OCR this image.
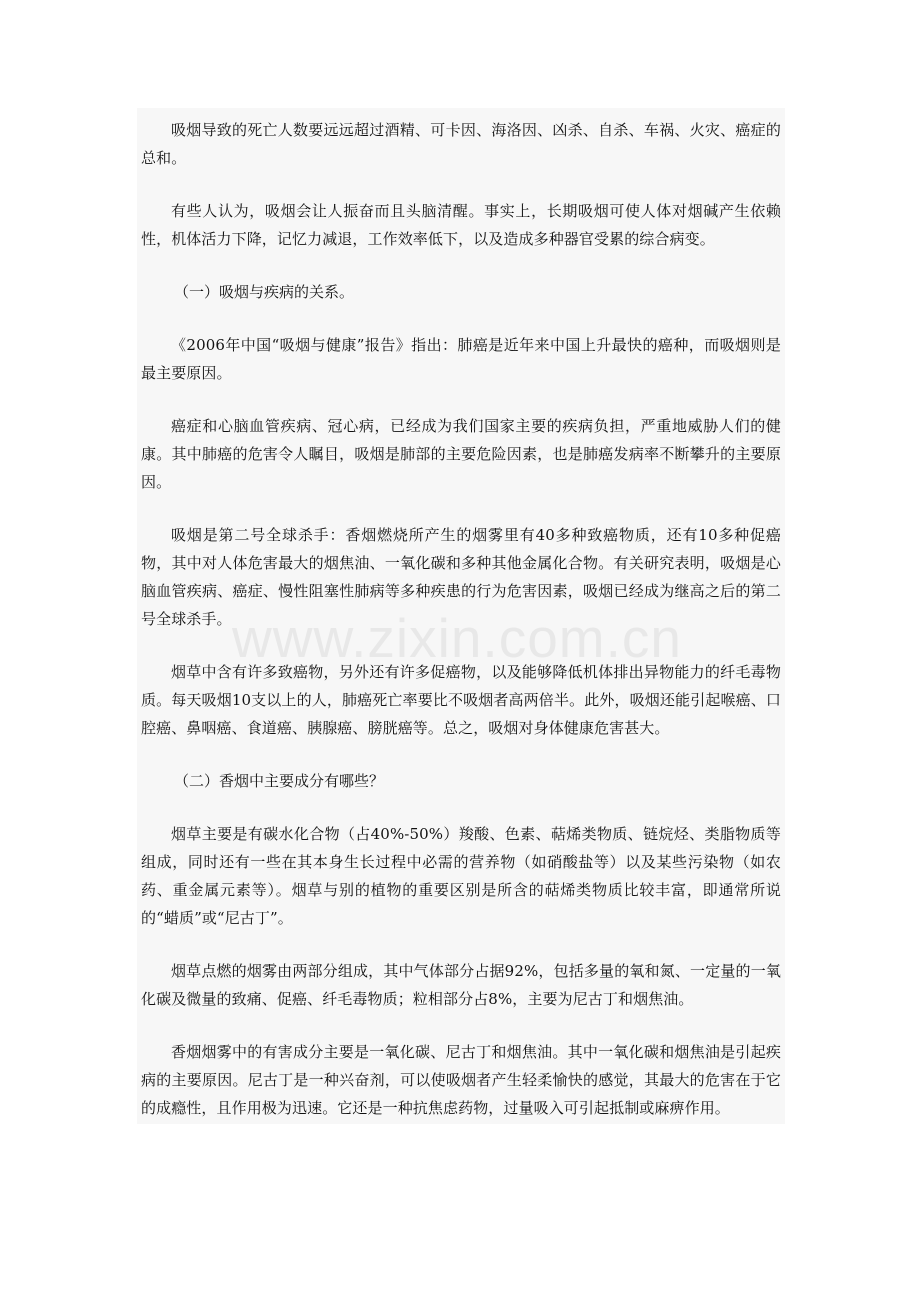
吸烟导致的死亡人数要远远超过酒精、可卡因、海洛因、凶杀、自杀、车祸、火灾、癌症的总和。

有些人认为，吸烟会让人振奋而且头脑清醒。事实上，长期吸烟可使人体对烟碱产生依赖性，机体活力下降，记忆力减退，工作效率低下，以及造成多种器官受累的综合病变。

（一）吸烟与疾病的关系。

《2006年中国“吸烟与健康”报告》指出：肺癌是近年来中国上升最快的癌种，而吸烟则是最主要原因。

癌症和心脑血管疾病、冠心病，已经成为我们国家主要的疾病负担，严重地威胁人们的健康。其中肺癌的危害令人瞩目，吸烟是肺部的主要危险因素，也是肺癌发病率不断攀升的主要原因。

吸烟是第二号全球杀手：香烟燃烧所产生的烟雾里有40多种致癌物质，还有10多种促癌物，其中对人体危害最大的烟焦油、一氧化碳和多种其他金属化合物。有关研究表明，吸烟是心脑血管疾病、癌症、慢性阻塞性肺病等多种疾患的行为危害因素，吸烟已经成为继高之后的第二号全球杀手。

烟草中含有许多致癌物，另外还有许多促癌物，以及能够降低机体排出异物能力的纤毛毒物质。每天吸烟10支以上的人，肺癌死亡率要比不吸烟者高两倍半。此外，吸烟还能引起喉癌、口腔癌、鼻咽癌、食道癌、胰腺癌、膀胱癌等。总之，吸烟对身体健康危害甚大。

（二）香烟中主要成分有哪些？

烟草主要是有碳水化合物（占40%-50%）羧酸、色素、萜烯类物质、链烷烃、类脂物质等组成，同时还有一些在其本身生长过程中必需的营养物（如硝酸盐等）以及某些污染物（如农药、重金属元素等）。烟草与别的植物的重要区别是所含的萜烯类物质比较丰富，即通常所说的“蜡质”或“尼古丁”。

烟草点燃的烟雾由两部分组成，其中气体部分占据92%，包括多量的氧和氮、一定量的一氧化碳及微量的致痛、促癌、纤毛毒物质；粒相部分占8%，主要为尼古丁和烟焦油。

香烟烟雾中的有害成分主要是一氧化碳、尼古丁和烟焦油。其中一氧化碳和烟焦油是引起疾病的主要原因。尼古丁是一种兴奋剂，可以使吸烟者产生轻柔愉快的感觉，其最大的危害在于它的成瘾性，且作用极为迅速。它还是一种抗焦虑药物，过量吸入可引起抵制或麻痹作用。

www.zixin.com.cn
